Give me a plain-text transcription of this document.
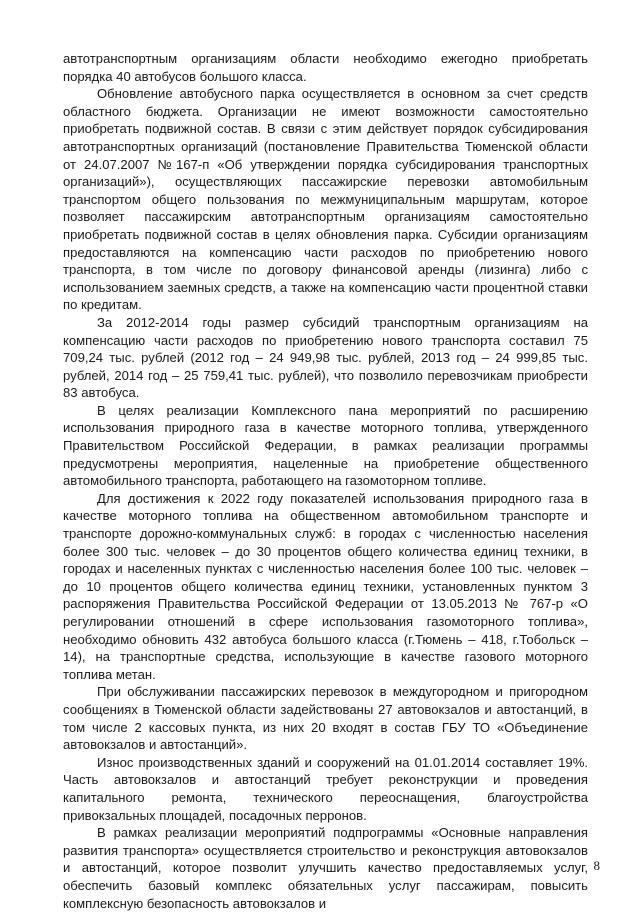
автотранспортным организациям области необходимо ежегодно приобретать порядка 40 автобусов большого класса.

Обновление автобусного парка осуществляется в основном за счет средств областного бюджета. Организации не имеют возможности самостоятельно приобретать подвижной состав. В связи с этим действует порядок субсидирования автотранспортных организаций (постановление Правительства Тюменской области от 24.07.2007 №167-п «Об утверждении порядка субсидирования транспортных организаций»), осуществляющих пассажирские перевозки автомобильным транспортом общего пользования по межмуниципальным маршрутам, которое позволяет пассажирским автотранспортным организациям самостоятельно приобретать подвижной состав в целях обновления парка. Субсидии организациям предоставляются на компенсацию части расходов по приобретению нового транспорта, в том числе по договору финансовой аренды (лизинга) либо с использованием заемных средств, а также на компенсацию части процентной ставки по кредитам.

За 2012-2014 годы размер субсидий транспортным организациям на компенсацию части расходов по приобретению нового транспорта составил 75 709,24 тыс. рублей (2012 год – 24 949,98 тыс. рублей, 2013 год – 24 999,85 тыс. рублей, 2014 год – 25 759,41 тыс. рублей), что позволило перевозчикам приобрести 83 автобуса.

В целях реализации Комплексного пана мероприятий по расширению использования природного газа в качестве моторного топлива, утвержденного Правительством Российской Федерации, в рамках реализации программы предусмотрены мероприятия, нацеленные на приобретение общественного автомобильного транспорта, работающего на газомоторном топливе.

Для достижения к 2022 году показателей использования природного газа в качестве моторного топлива на общественном автомобильном транспорте и транспорте дорожно-коммунальных служб: в городах с численностью населения более 300 тыс. человек – до 30 процентов общего количества единиц техники, в городах и населенных пунктах с численностью населения более 100 тыс. человек – до 10 процентов общего количества единиц техники, установленных пунктом 3 распоряжения Правительства Российской Федерации от 13.05.2013 № 767-р «О регулировании отношений в сфере использования газомоторного топлива», необходимо обновить 432 автобуса большого класса (г.Тюмень – 418, г.Тобольск – 14), на транспортные средства, использующие в качестве газового моторного топлива метан.

При обслуживании пассажирских перевозок в междугородном и пригородном сообщениях в Тюменской области задействованы 27 автовокзалов и автостанций, в том числе 2 кассовых пункта, из них 20 входят в состав ГБУ ТО «Объединение автовокзалов и автостанций».

Износ производственных зданий и сооружений на 01.01.2014 составляет 19%. Часть автовокзалов и автостанций требует реконструкции и проведения капитального ремонта, технического переоснащения, благоустройства привокзальных площадей, посадочных перронов.

В рамках реализации мероприятий подпрограммы «Основные направления развития транспорта» осуществляется строительство и реконструкция автовокзалов и автостанций, которое позволит улучшить качество предоставляемых услуг, обеспечить базовый комплекс обязательных услуг пассажирам, повысить комплексную безопасность автовокзалов и

8
